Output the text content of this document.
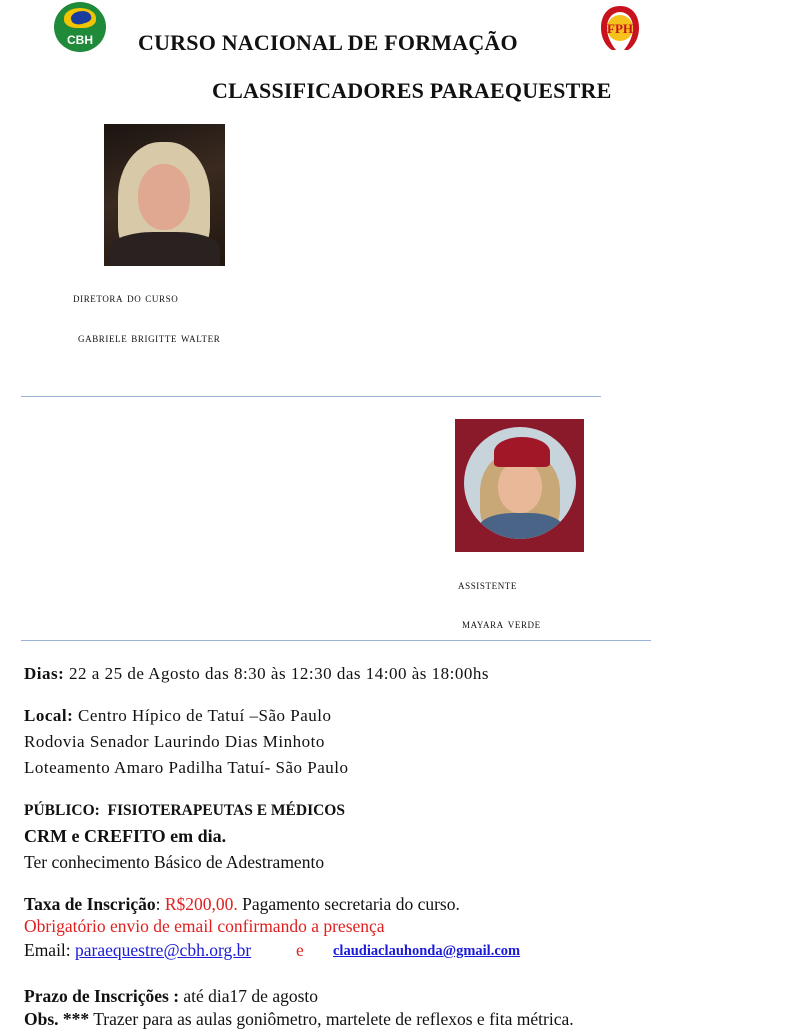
CBH
FPH
CURSO NACIONAL DE FORMAÇÃO
CLASSIFICADORES PARAEQUESTRE
diretora do curso
gabriele brigitte walter
assistente
mayara verde
Dias: 22 a 25 de Agosto das 8:30 às 12:30 das 14:00 às 18:00hs
Local: Centro Hípico de Tatuí –São Paulo
Rodovia Senador Laurindo Dias Minhoto
Loteamento Amaro Padilha Tatuí- São Paulo
PÚBLICO: FISIOTERAPEUTAS E MÉDICOS
CRM e CREFITO em dia.
Ter conhecimento Básico de Adestramento
Taxa de Inscrição: R$200,00. Pagamento secretaria do curso.
Obrigatório envio de email confirmando a presença
Email: paraequestre@cbh.org.br	e claudiaclauhonda@gmail.com
Prazo de Inscrições : até dia17 de agosto
Obs. *** Trazer para as aulas goniômetro, martelete de reflexos e fita métrica.
